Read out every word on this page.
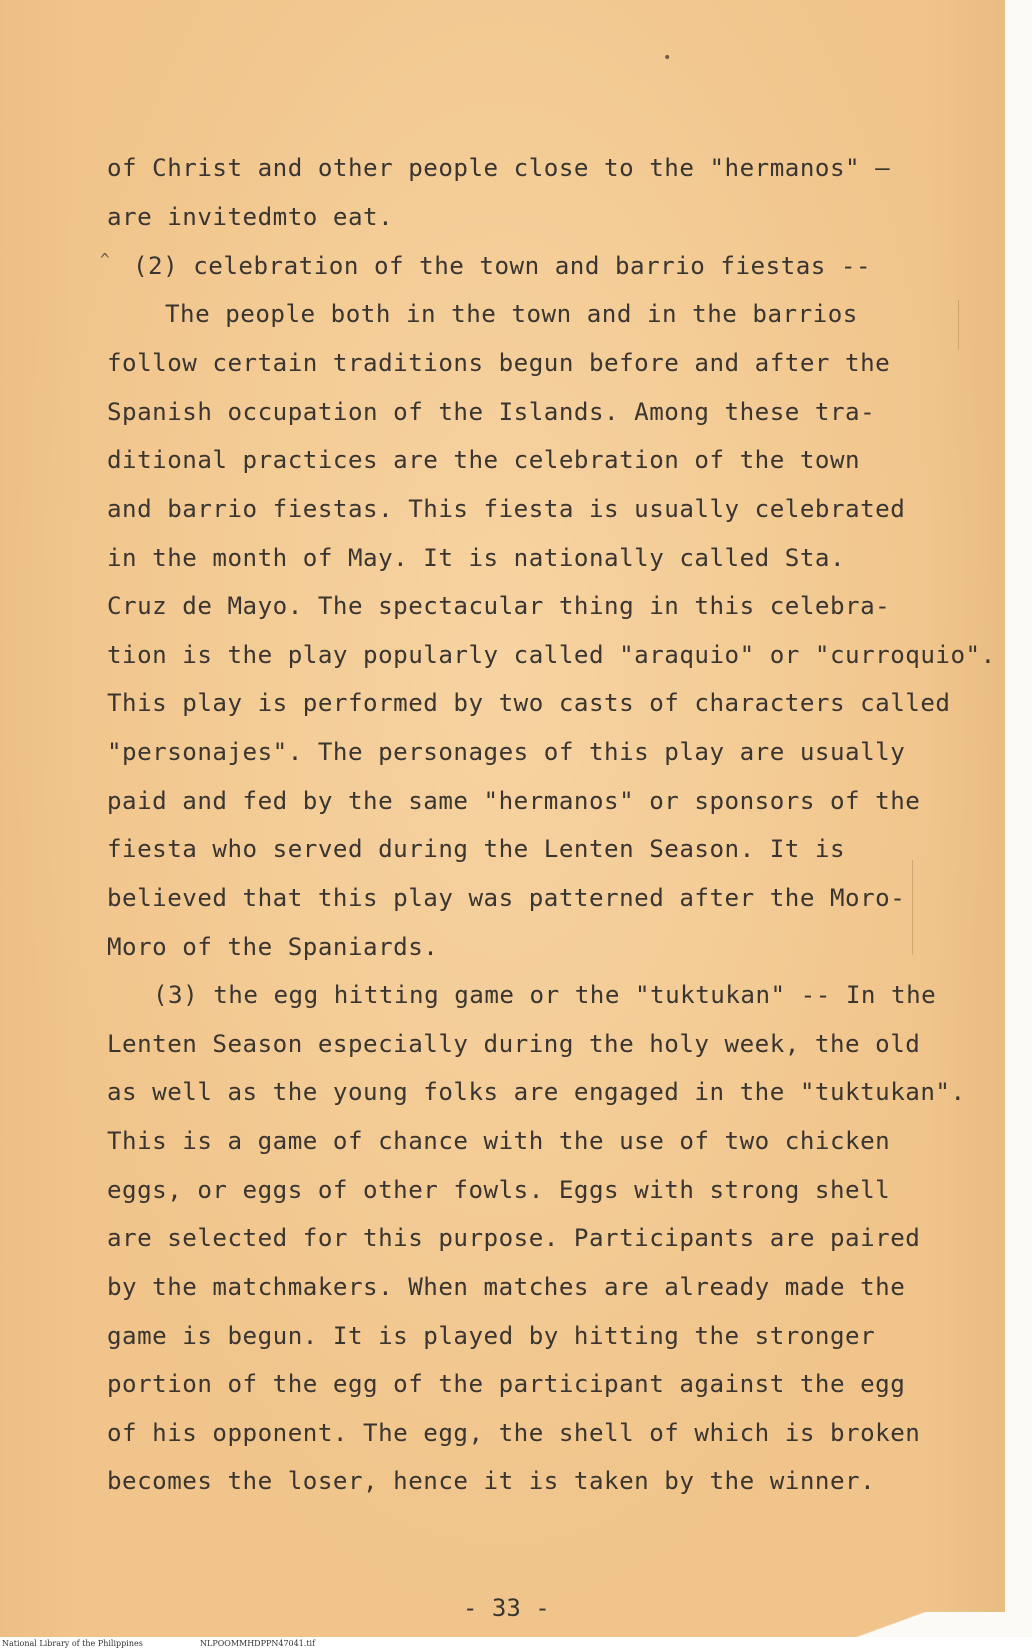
•
^
of Christ and other people close to the "hermanos" —
are invitedmto eat.
(2) celebration of the town and barrio fiestas --
The people both in the town and in the barrios
follow certain traditions begun before and after the
Spanish occupation of the Islands. Among these tra-
ditional practices are the celebration of the town
and barrio fiestas. This fiesta is usually celebrated
in the month of May. It is nationally called Sta.
Cruz de Mayo. The spectacular thing in this celebra-
tion is the play popularly called "araquio" or "curroquio".
This play is performed by two casts of characters called
"personajes". The personages of this play are usually
paid and fed by the same "hermanos" or sponsors of the
fiesta who served during the Lenten Season. It is
believed that this play was patterned after the Moro-
Moro of the Spaniards.
(3) the egg hitting game or the "tuktukan" -- In the
Lenten Season especially during the holy week, the old
as well as the young folks are engaged in the "tuktukan".
This is a game of chance with the use of two chicken
eggs, or eggs of other fowls. Eggs with strong shell
are selected for this purpose. Participants are paired
by the matchmakers. When matches are already made the
game is begun. It is played by hitting the stronger
portion of the egg of the participant against the egg
of his opponent. The egg, the shell of which is broken
becomes the loser, hence it is taken by the winner.
- 33 -
National Library of the Philippines	NLPOOMMHDPPN47041.tif
